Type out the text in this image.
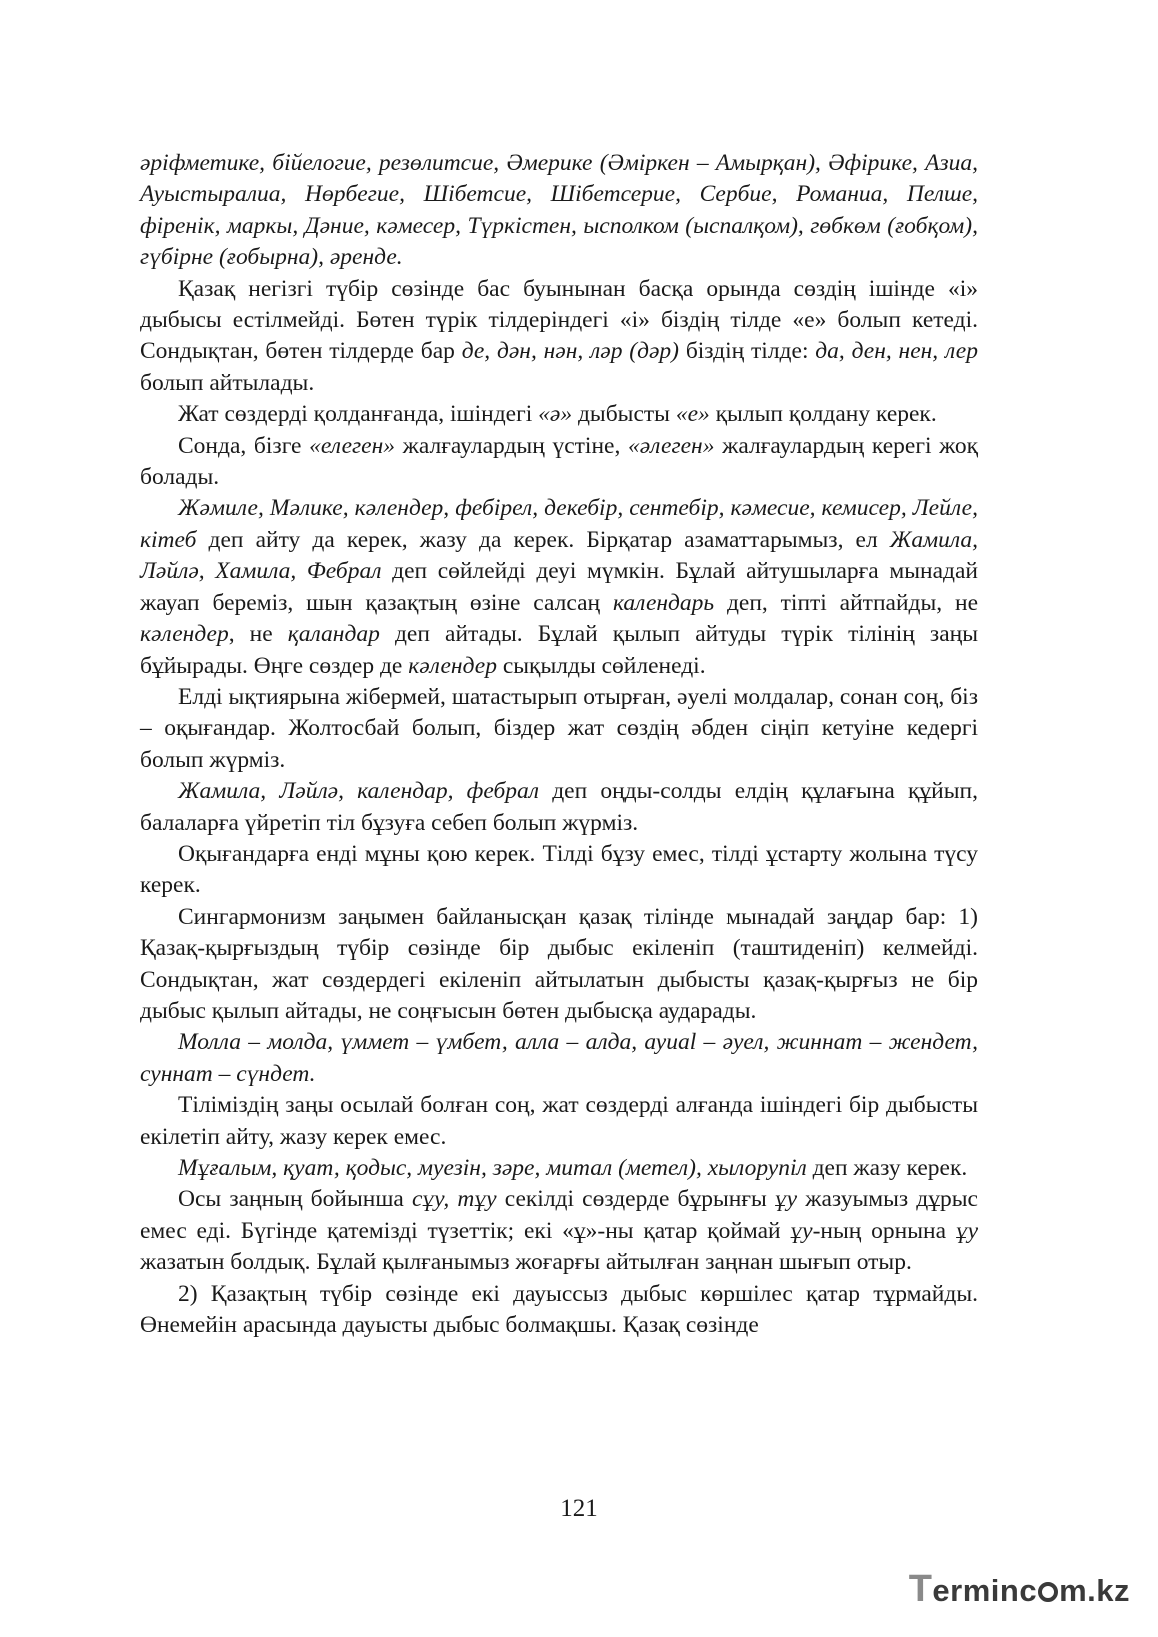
әріфметике, бійелогие, резөлитсие, Әмерике (Әміркен – Амырқан), Әфірике, Азиа, Ауыстыралиа, Нөрбегие, Шібетсие, Шібетсерие, Сербие, Романиа, Пелше, фіренік, маркы, Дәние, кәмесер, Түркістен, ысполком (ыспалқом), гөбкөм (ғобқом), гүбірне (ғобырна), әренде.

Қазақ негізгі түбір сөзінде бас буынынан басқа орында сөздің ішінде «і» дыбысы естілмейді. Бөтен түрік тілдеріндегі «і» біздің тілде «е» болып кетеді. Сондықтан, бөтен тілдерде бар де, дән, нән, ләр (дәр) біздің тілде: да, ден, нен, лер болып айтылады.

Жат сөздерді қолданғанда, ішіндегі «ә» дыбысты «е» қылып қолдану керек.

Сонда, бізге «елеген» жалғаулардың үстіне, «әлеген» жалғаулардың керегі жоқ болады.

Жәмиле, Мәлике, кәлендер, фебірел, декебір, сентебір, кәмесие, кемисер, Лейле, кітеб деп айту да керек, жазу да керек. Бірқатар азаматтарымыз, ел Жамила, Ләйлә, Хамила, Фебрал деп сөйлейді деуі мүмкін. Бұлай айтушыларға мынадай жауап береміз, шын қазақтың өзіне салсаң календарь деп, тіпті айтпайды, не кәлендер, не қаландар деп айтады. Бұлай қылып айтуды түрік тілінің заңы бұйырады. Өңге сөздер де кәлендер сықылды сөйленеді.

Елді ықтиярына жібермей, шатастырып отырған, әуелі молдалар, сонан соң, біз – оқығандар. Жолтосбай болып, біздер жат сөздің әбден сіңіп кетуіне кедергі болып жүрміз.

Жамила, Ләйлә, календар, фебрал деп оңды-солды елдің құлағына құйып, балаларға үйретіп тіл бұзуға себеп болып жүрміз.

Оқығандарға енді мұны қою керек. Тілді бұзу емес, тілді ұстарту жолына түсу керек.

Сингармонизм заңымен байланысқан қазақ тілінде мынадай заңдар бар: 1) Қазақ-қырғыздың түбір сөзінде бір дыбыс екіленіп (таштиденіп) келмейді. Сондықтан, жат сөздердегі екіленіп айтылатын дыбысты қазақ-қырғыз не бір дыбыс қылып айтады, не соңғысын бөтен дыбысқа аударады.

Молла – молда, үммет – үмбет, алла – алда, ауual – әуел, жиннат – жендет, суннат – сүндет.

Тіліміздің заңы осылай болған соң, жат сөздерді алғанда ішіндегі бір дыбысты екілетіп айту, жазу керек емес.

Мұғалым, қуат, қодыс, муезін, зәре, митал (метел), хылорупіл деп жазу керек.

Осы заңның бойынша сұу, тұу секілді сөздерде бұрынғы ұу жазуымыз дұрыс емес еді. Бүгінде қатемізді түзеттік; екі «ұ»-ны қатар қоймай ұу-ның орнына ұу жазатын болдық. Бұлай қылғанымыз жоғарғы айтылған заңнан шығып отыр.

2) Қазақтың түбір сөзінде екі дауыссыз дыбыс көршілес қатар тұрмайды. Өнемейін арасында дауысты дыбыс болмақшы. Қазақ сөзінде

121
Terminc m.kz
